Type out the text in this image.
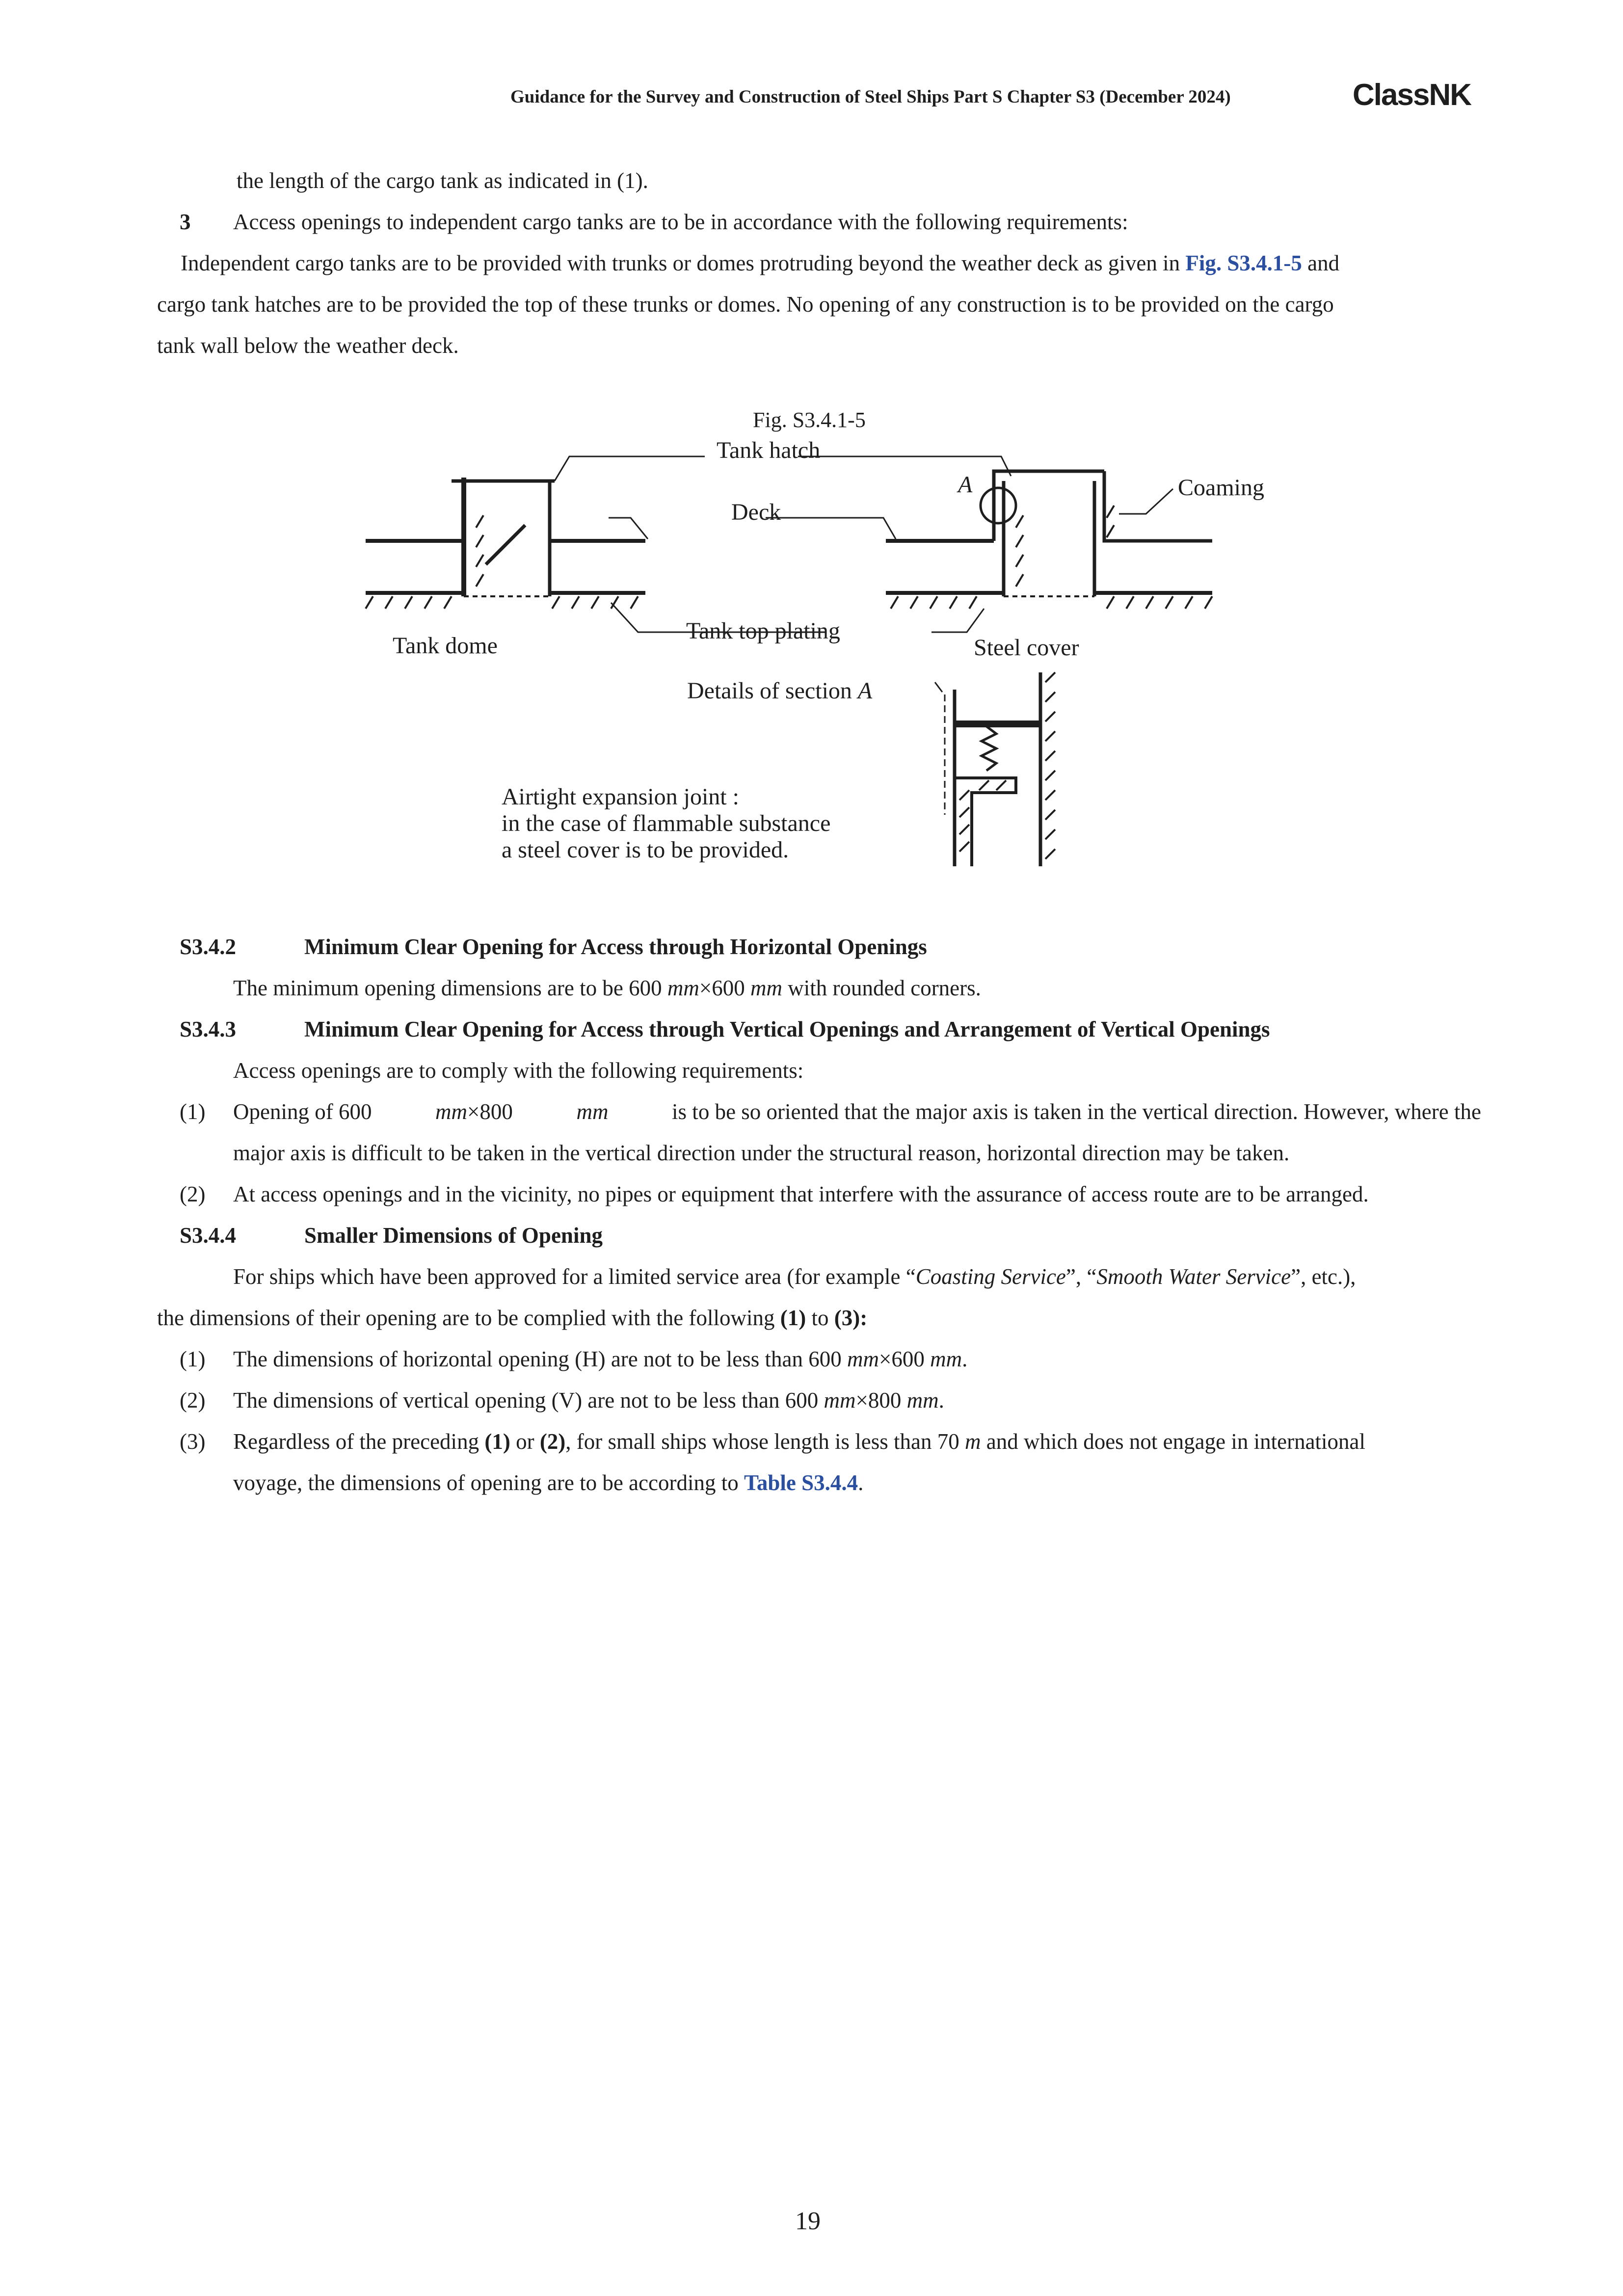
Guidance for the Survey and Construction of Steel Ships Part S Chapter S3 (December 2024)	ClassNK
the length of the cargo tank as indicated in (1).
3 Access openings to independent cargo tanks are to be in accordance with the following requirements:
Independent cargo tanks are to be provided with trunks or domes protruding beyond the weather deck as given in Fig. S3.4.1-5 and
cargo tank hatches are to be provided the top of these trunks or domes. No opening of any construction is to be provided on the cargo
tank wall below the weather deck.
Fig. S3.4.1-5
Tank hatch
A	Coaming
Deck
Tank dome
Tank top plating
Steel cover
Details of section A
Airtight expansion joint :
in the case of flammable substance
a steel cover is to be provided.
S3.4.2	Minimum Clear Opening for Access through Horizontal Openings
The minimum opening dimensions are to be 600 mm×600 mm with rounded corners.
S3.4.3	Minimum Clear Opening for Access through Vertical Openings and Arrangement of Vertical Openings
Access openings are to comply with the following requirements:
(1) Opening of 600	mm×800	mm	is to be so oriented that the major axis is taken in the vertical direction. However, where the
major axis is difficult to be taken in the vertical direction under the structural reason, horizontal direction may be taken.
(2) At access openings and in the vicinity, no pipes or equipment that interfere with the assurance of access route are to be arranged.
S3.4.4	Smaller Dimensions of Opening
For ships which have been approved for a limited service area (for example “Coasting Service”, “Smooth Water Service”, etc.),
the dimensions of their opening are to be complied with the following (1) to (3):
(1) The dimensions of horizontal opening (H) are not to be less than 600 mm×600 mm.
(2) The dimensions of vertical opening (V) are not to be less than 600 mm×800 mm.
(3) Regardless of the preceding (1) or (2), for small ships whose length is less than 70 m and which does not engage in international
voyage, the dimensions of opening are to be according to Table S3.4.4.
19
